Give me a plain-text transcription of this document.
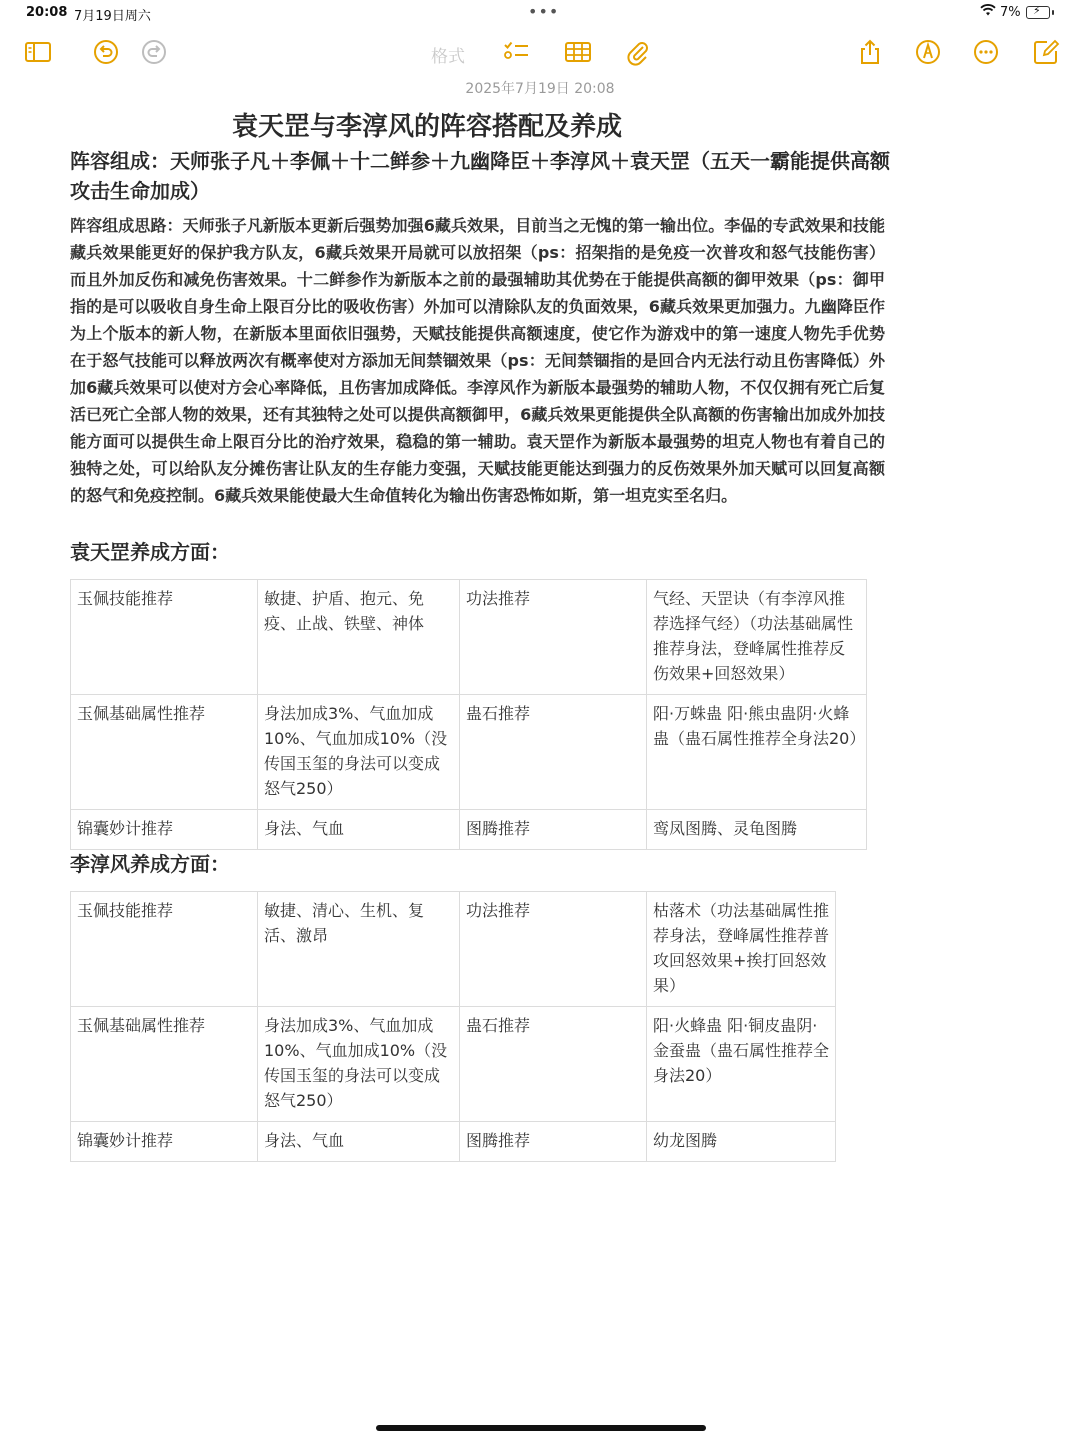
20:08 7月19日周六	•••	7% ⚡
格式
2025年7月19日 20:08
袁天罡与李淳风的阵容搭配及养成
阵容组成：天师张子凡＋李佩＋十二鲜参＋九幽降臣＋李淳风＋袁天罡（五天一霸能提供高额攻击生命加成）
阵容组成思路：天师张子凡新版本更新后强势加强6藏兵效果，目前当之无愧的第一输出位。李偘的专武效果和技能藏兵效果能更好的保护我方队友，6藏兵效果开局就可以放招架（ps：招架指的是免疫一次普攻和怒气技能伤害）而且外加反伤和减免伤害效果。十二鲜参作为新版本之前的最强辅助其优势在于能提供高额的御甲效果（ps：御甲指的是可以吸收自身生命上限百分比的吸收伤害）外加可以清除队友的负面效果，6藏兵效果更加强力。九幽降臣作为上个版本的新人物，在新版本里面依旧强势，天赋技能提供高额速度，使它作为游戏中的第一速度人物先手优势在于怒气技能可以释放两次有概率使对方添加无间禁锢效果（ps：无间禁锢指的是回合内无法行动且伤害降低）外加6藏兵效果可以使对方会心率降低，且伤害加成降低。李淳风作为新版本最强势的辅助人物，不仅仅拥有死亡后复活已死亡全部人物的效果，还有其独特之处可以提供高额御甲，6藏兵效果更能提供全队高额的伤害输出加成外加技能方面可以提供生命上限百分比的治疗效果，稳稳的第一辅助。袁天罡作为新版本最强势的坦克人物也有着自己的独特之处，可以给队友分摊伤害让队友的生存能力变强，天赋技能更能达到强力的反伤效果外加天赋可以回复高额的怒气和免疫控制。6藏兵效果能使最大生命值转化为输出伤害恐怖如斯，第一坦克实至名归。
袁天罡养成方面：
玉佩技能推荐	敏捷、护盾、抱元、免疫、止战、铁壁、神体	功法推荐	气经、天罡诀（有李淳风推荐选择气经）（功法基础属性推荐身法，登峰属性推荐反伤效果+回怒效果）
玉佩基础属性推荐	身法加成3%、气血加成10%、气血加成10%（没传国玉玺的身法可以变成怒气250）	蛊石推荐	阳·万蛛蛊 阳·熊虫蛊阴·火蜂蛊（蛊石属性推荐全身法20）
锦囊妙计推荐	身法、气血	图腾推荐	鸾凤图腾、灵龟图腾
李淳风养成方面：
玉佩技能推荐	敏捷、清心、生机、复活、激昂	功法推荐	枯落术（功法基础属性推荐身法，登峰属性推荐普攻回怒效果+挨打回怒效果）
玉佩基础属性推荐	身法加成3%、气血加成10%、气血加成10%（没传国玉玺的身法可以变成怒气250）	蛊石推荐	阳·火蜂蛊 阳·铜皮蛊阴·金蚕蛊（蛊石属性推荐全身法20）
锦囊妙计推荐	身法、气血	图腾推荐	幼龙图腾
